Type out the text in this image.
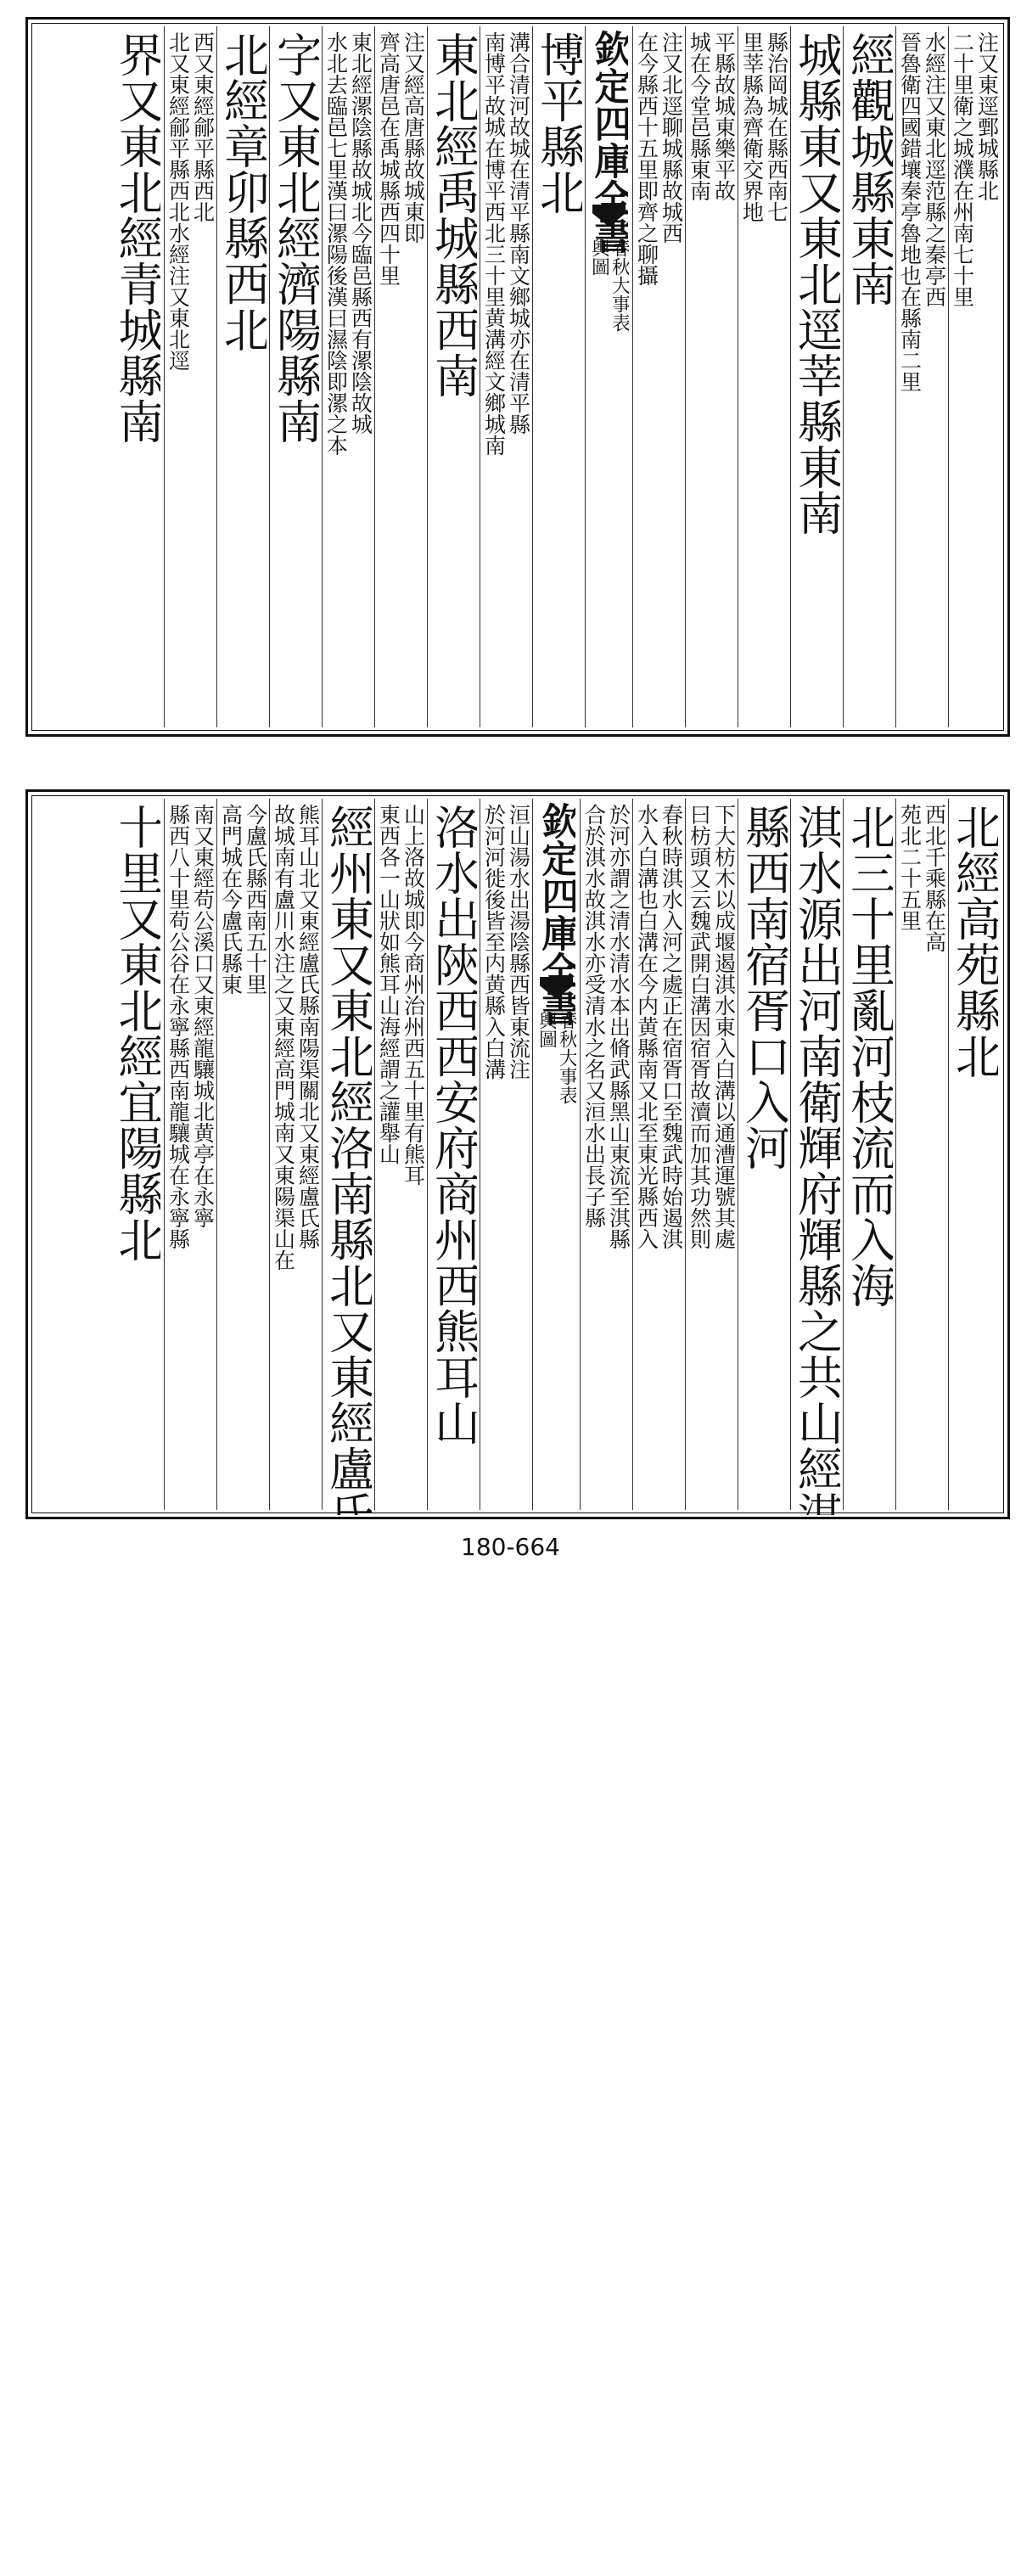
注又東逕鄄城縣北
二十里衛之城濮在州南七十里
水經注又東北逕范縣之秦亭西
晉魯衛四國錯壤秦亭魯地也在縣南二里
經觀城縣東南
城縣東又東北逕莘縣東南
縣治岡城在縣西南七
里莘縣為齊衛交界地
平縣故城東樂平故
城在今堂邑縣東南
注又北逕聊城縣故城西
在今縣西十五里即齊之聊攝
欽定四庫全書
春秋大事表
輿圖
博平縣北
溝合清河故城在清平縣南文鄉城亦在清平縣
南博平故城在博平西北三十里黄溝經文鄉城南
東北經禹城縣西南
注又經高唐縣故城東即
齊高唐邑在禹城縣西四十里
東北經漯陰縣故城北今臨邑縣西有漯陰故城
水北去臨邑七里漢曰漯陽後漢曰濕陰即漯之本
字又東北經濟陽縣南
北經章卯縣西北
西又東經鄃平縣西北
北又東經鄃平縣西北水經注又東北逕
界又東北經青城縣南
北經高苑縣北
西北千乘縣在高
苑北二十五里
北三十里亂河枝流而入海
淇水源出河南衛輝府輝縣之共山經
縣西南宿胥口入河
下大枋木以成堰遏淇水東入白溝以通漕運號其處
曰枋頭又云魏武開白溝因宿胥故瀆而加其功然則
春秋時淇水入河之處正在宿胥口至魏武時始遏淇
水入白溝也白溝在今内黄縣南又北至東光縣西入
於河亦謂之清水清水本出脩武縣黑山東流至淇縣
合於淇水故淇水亦受清水之名又洹水出長子縣
欽定四庫全書
春秋大事表
輿圖
洹山湯水出湯陰縣西皆東流注
於河河徙後皆至内黄縣入白溝
洛水出陝西西安府商州西熊耳山
山上洛故城即今商州治州西五十里有熊耳
東西各一山狀如熊耳山海經謂之讙舉山
經州東又東北經洛南縣北又東經盧
熊耳山北又東經盧氏縣南陽渠關北又東經盧氏縣
故城南有盧川水注之又東經高門城南又東陽渠山在
今盧氏縣西南五十里
高門城在今盧氏縣東
南又東經苟公溪口又東經龍驤城北黄亭在永寧
縣西八十里苟公谷在永寧縣西南龍驤城在永寧縣
十里又東北經宜陽縣北
180-664
